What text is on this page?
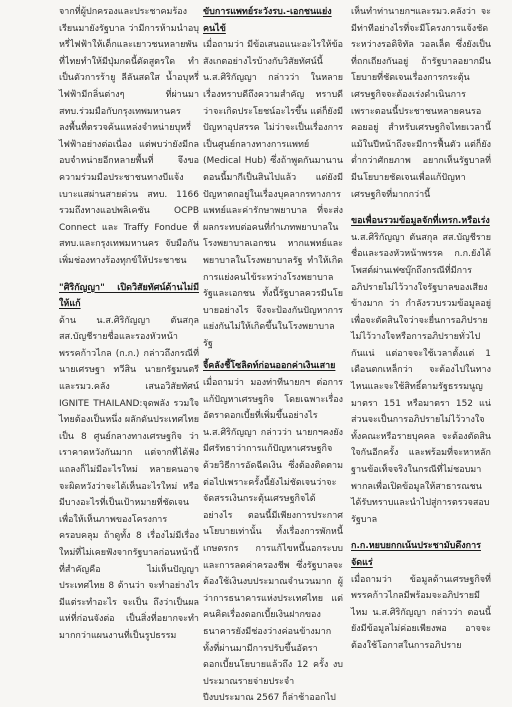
จากที่ผู้ปกครองและประชาคมร้องเรียนมายังรัฐบาล ว่ามีการห้ามนำอบุหรี่ไฟฟ้าให้เด็กและเยาวชนหลายพันที่ไทยทำให้มีปุ่มกดนี้ดัดสูตรใด ทำ เป็นตัวการร้ายู ลีลันสดใส น้ำอบุหรี่ไฟฟ้ามีกลิ่นต่างๆ ที่ผ่านมา สทบ.ร่วมมือกับกรุงเทพมหานคร ลงพื้นที่ตรวจค้นแหล่งจำหน่ายบุหรี่ไฟฟ้าอย่างต่อเนื่อง แต่พบว่ายังมีกลอบจำหน่ายอีกหลายพื้นที่ จึงขอความร่วมมือประชาชนทางบีแจ้งเบาะแสผ่านสายด่วน สทบ. 1166 รวมถึงทางแอปพลิเคชัน OCPB Connect และ Traffy Fondue ที่ สทบ.และกรุงเทพมหานคร จับมือกันเพิ่มช่องทางร้องทุกข์ให้ประชาชน

"ศิริกัญญา" เปิดวิสัยทัศน์ด้านไม่มีให้แก้

ด้าน น.ส.ศิริกัญญา ตันสกุล สส.บัญชีรายชื่อและรองหัวหน้าพรรคก้าวไกล (ก.ก.) กล่าวถึงกรณีที่นายเศรษฐา ทวีสิน นายกรัฐมนตรี และรมว.คลัง เสนอวิสัยทัศน์ IGNITE THAILAND:จุดพลัง รวมใจ ไทยต้องเป็นหนึ่ง ผลักดันประเทศไทยเป็น 8 ศูนย์กลางทางเศรษฐกิจ ว่า เราคาดหวังกันมาก แต่จากที่ได้ฟังแถลงก็ไม่มีอะไรใหม่ หลายคนอาจจะผิดหวังว่าจะได้เห็นอะไรใหม่ หรือมีบางอะไรที่เป็นเป้าหมายที่ชัดเจนเพื่อให้เห็นภาพของโครงการครอบคลุม ถ้าดูทั้ง 8 เรื่องไม่มีเรื่องใหม่ที่ไม่เคยฟังจากรัฐบาลก่อนหน้านี้ ที่สำคัญคือ ไม่เห็นปัญญาประเทศไทย 8 ด้านว่า จะทำอย่างไร มีแต่ระทำอะไร จะเป็น ถึงว่าเป็นผลแห่ที่ก่อนจังต่อ เป็นสิ่งที่อยากจะทำมากกว่าแผนงานที่เป็นรูปธรรม

ขับการแพทย์ระวังรบ.-เอกชนแย่งคนไข้

เมื่อถามว่า มีข้อเสนอแนะอะไรให้ข้อสังเกตอย่างไรบ้างกับวิสัยทัศน์นี้ น.ส.ศิริกัญญา กล่าวว่า ในหลายเรื่องทราบดีถึงความสำคัญ ทราบดีว่าจะเกิดประโยชน์อะไรขึ้น แต่ก็ยังมีปัญหาอุปสรรค ไม่ว่าจะเป็นเรื่องการเป็นศูนย์กลางทางการแพทย์ (Medical Hub) ซึ่งถ้าพูดกันมานาน ตอนนี้มากีเป็นสินไปแล้ว แต่ยังมีปัญหาตกอยู่ในเรื่องบุคลากรทางการแพทย์และค่ารักษาพยาบาล ที่จะส่งผลกระทบต่อคนที่กำเภทพยาบาลในโรงพยาบาลเอกชน หากแพทย์และพยาบาลในโรงพยาบาลรัฐ ทำให้เกิดการแย่งคนไข้ระหว่างโรงพยาบาลรัฐและเอกชน ทั้งนี้รัฐบาลควรมีนโยบายอย่างไร จึงจะป้องกันปัญหาการแย่งกันไม่ให้เกิดขึ้นในโรงพยาบาลรัฐ

จี้คลังชี้โซลิดท์ก่อนออกค่าเงินเสาย

เมื่อถามว่า มองท่าทีนายกฯ ต่อการแก้ปัญหาเศรษฐกิจ โดยเฉพาะเรื่องอัตราดอกเบี้ยที่เพิ่มขึ้นอย่างไร น.ส.ศิริกัญญา กล่าวว่า นายกฯคงยังมีศรัทธาว่าการแก้ปัญหาเศรษฐกิจด้วยวิธีการอัดฉีดเงิน ซึ่งต้องติดตามต่อไปเพราะครั้งนี้ยังไม่ชัดเจนว่าจะจัดสรรเงินกระตุ้นเศรษฐกิจได้อย่างไร ตอนนี้มีเพียงการประกาศนโยบายเท่านั้น ทั้งเรื่องการพักหนี้เกษตรกร การแก้ไขหนี้นอกระบบ และการลดค่าครองชีพ ซึ่งรัฐบาลจะต้องใช้เงินงบประมาณจำนวนมาก ผู้ว่าการธนาคารแห่งประเทศไทย แต่คนคิดเรื่องดอกเบี้ยเงินฝากของธนาคารยังมีช่องว่างค่อนข้างมาก ทั้งที่ผ่านมามีการปรับขึ้นอัตราดอกเบี้ยนโยบายแล้วถึง 12 ครั้ง งบประมาณรายจ่ายประจำปีงบประมาณ 2567 ก็ล่าช้าออกไป

เห็นทำท่านายกฯและรมว.คลังว่า จะมีท่าทีอย่างไรที่จะมีโครงการแจ้งชัดระหว่างรอดิจิทัล วอลเล็ต ซึ่งยังเป็นที่ถกเถียงกันอยู่ ถ้ารัฐบาลอยากมีนโยบายที่ชัดเจนเรื่องการกระตุ้นเศรษฐกิจจะต้องเร่งดำเนินการ เพราะตอนนี้ประชาชนหลายคนรอคอยอยู่ สำหรับเศรษฐกิจไทยเวลานี้ แม้ในปีหน้าถึงจะมีการฟื้นตัว แต่ก็ยังต่ำกว่าศักยภาพ อยากเห็นรัฐบาลที่มีนโยบายชัดเจนเพื่อแก้ปัญหาเศรษฐกิจที่มากกว่านี้

ขอเพื่อนรวมข้อมูลจักที่เทรก.หรือเร่ง

น.ส.ศิริกัญญา ตันสกุล สส.บัญชีรายชื่อและรองหัวหน้าพรรค ก.ก.ยังได้โพสต์ผ่านเฟซบุ๊กถึงกรณีที่มีการอภิปรายไม่ไว้วางใจรัฐบาลของเสียงข้างมาก ว่า กำลังรวบรวมข้อมูลอยู่ เพื่อจะตัดสินใจว่าจะยื่นการอภิปรายไม่ไว้วางใจหรือการอภิปรายทั่วไปกันแน่ แต่อาจจะใช้เวลาตั้งแต่ 1 เดือนตกเหล็กว่า จะต้องไปในทางไหนและจะใช้สิทธิ์ตามรัฐธรรมนูญ มาตรา 151 หรือมาตรา 152 แน่ ส่วนจะเป็นการอภิปรายไม่ไว้วางใจทั้งคณะหรือรายบุคคล จะต้องตัดสินใจกันอีกครั้ง และพร้อมที่จะหาหลักฐานข้อเท็จจริงในกรณีที่ไม่ชอบมาพากลเพื่อเปิดข้อมูลให้สาธารณชนได้รับทราบและนำไปสู่การตรวจสอบรัฐบาล

ก.ก.หยบยกกเน้นประชามับดึงการจัดแร่

เมื่อถามว่า ข้อมูลด้านเศรษฐกิจที่พรรคก้าวไกลมีพร้อมจะอภิปรายมีไหม น.ส.ศิริกัญญา กล่าวว่า ตอนนี้ยังมีข้อมูลไม่ค่อยเพียงพอ อาจจะต้องใช้โอกาสในการอภิปราย
